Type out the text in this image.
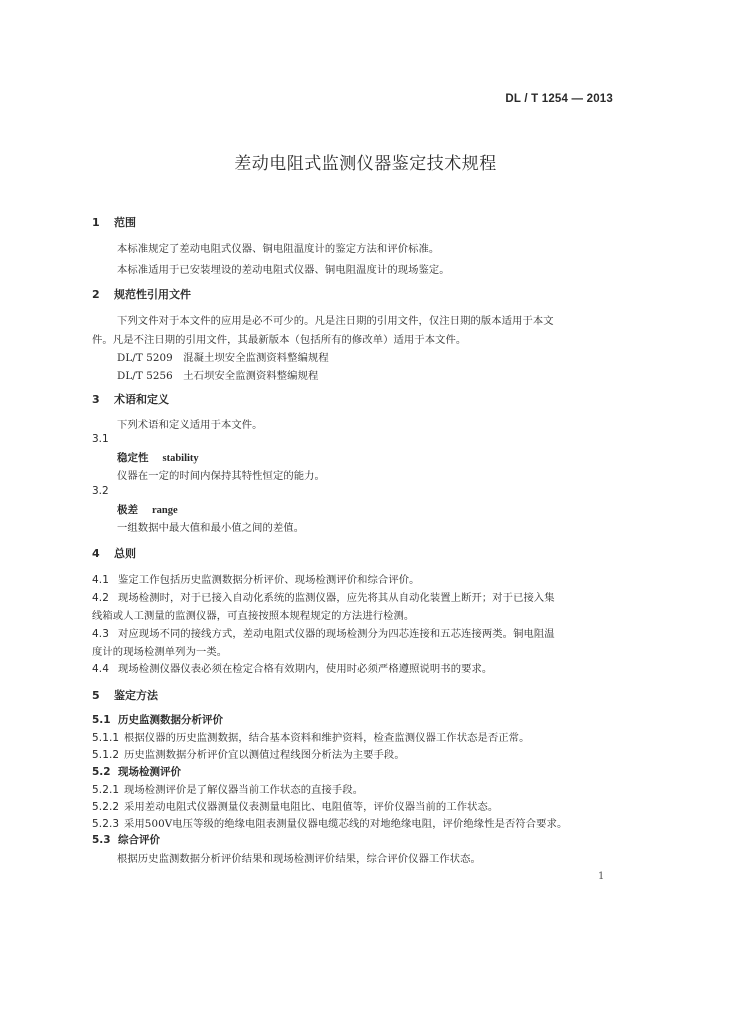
DL / T 1254 — 2013
差动电阻式监测仪器鉴定技术规程
1 范围
本标准规定了差动电阻式仪器、铜电阻温度计的鉴定方法和评价标准。
本标准适用于已安装埋设的差动电阻式仪器、铜电阻温度计的现场鉴定。
2 规范性引用文件
下列文件对于本文件的应用是必不可少的。凡是注日期的引用文件，仅注日期的版本适用于本文
件。凡是不注日期的引用文件，其最新版本（包括所有的修改单）适用于本文件。
DL/T 5209　混凝土坝安全监测资料整编规程
DL/T 5256　土石坝安全监测资料整编规程
3 术语和定义
下列术语和定义适用于本文件。
3.1
稳定性 stability
仪器在一定的时间内保持其特性恒定的能力。
3.2
极差 range
一组数据中最大值和最小值之间的差值。
4 总则
4.1 鉴定工作包括历史监测数据分析评价、现场检测评价和综合评价。
4.2 现场检测时，对于已接入自动化系统的监测仪器，应先将其从自动化装置上断开；对于已接入集
线箱或人工测量的监测仪器，可直接按照本规程规定的方法进行检测。
4.3 对应现场不同的接线方式，差动电阻式仪器的现场检测分为四芯连接和五芯连接两类。铜电阻温
度计的现场检测单列为一类。
4.4 现场检测仪器仪表必须在检定合格有效期内，使用时必须严格遵照说明书的要求。
5 鉴定方法
5.1 历史监测数据分析评价
5.1.1 根据仪器的历史监测数据，结合基本资料和维护资料，检查监测仪器工作状态是否正常。
5.1.2 历史监测数据分析评价宜以测值过程线图分析法为主要手段。
5.2 现场检测评价
5.2.1 现场检测评价是了解仪器当前工作状态的直接手段。
5.2.2 采用差动电阻式仪器测量仪表测量电阻比、电阻值等，评价仪器当前的工作状态。
5.2.3 采用500V电压等级的绝缘电阻表测量仪器电缆芯线的对地绝缘电阻，评价绝缘性是否符合要求。
5.3 综合评价
根据历史监测数据分析评价结果和现场检测评价结果，综合评价仪器工作状态。
1
